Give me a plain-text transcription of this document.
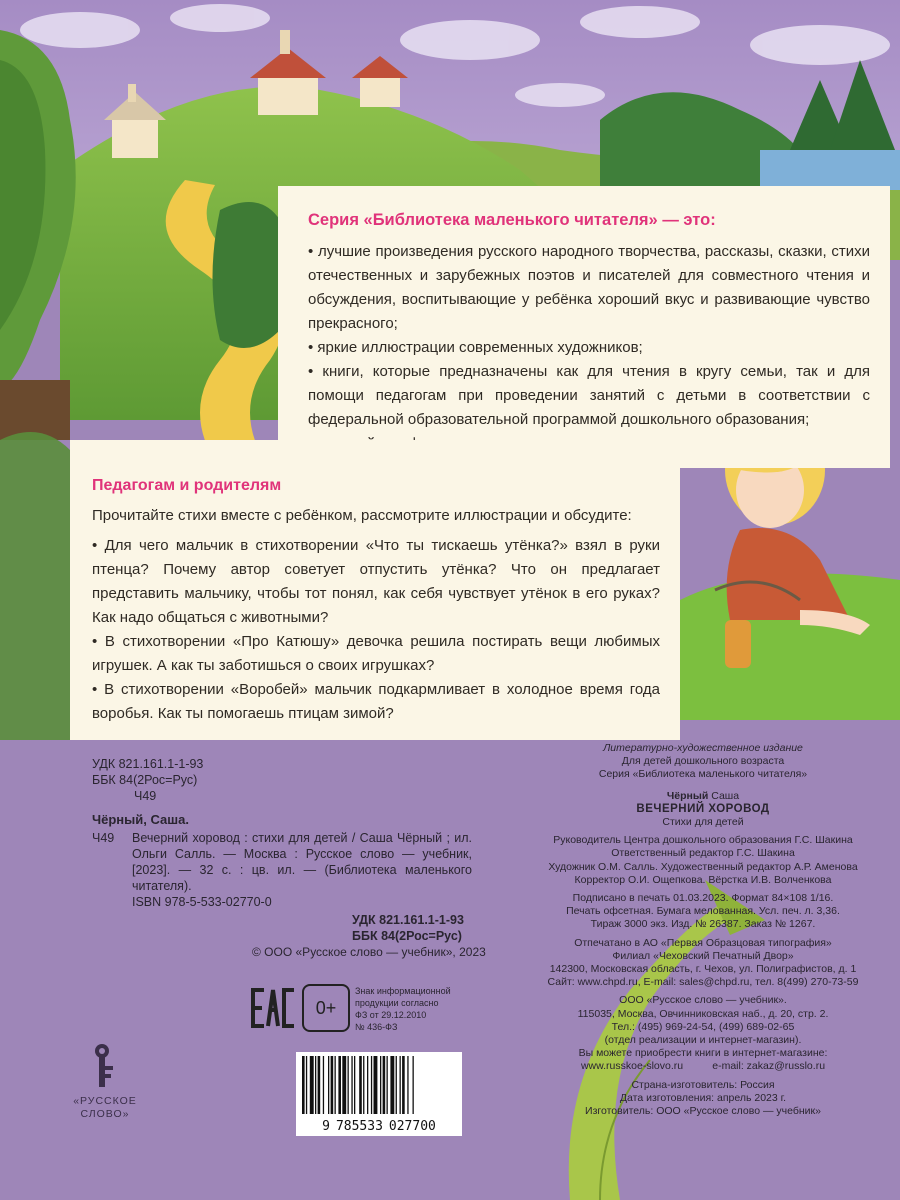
Серия «Библиотека маленького читателя» — это:

• лучшие произведения русского народного творчества, рассказы, сказки, стихи отечественных и зарубежных поэтов и писателей для совместного чтения и обсуждения, воспитывающие у ребёнка хороший вкус и развивающие чувство прекрасного;

• яркие иллюстрации современных художников;

• книги, которые предназначены как для чтения в кругу семьи, так и для помощи педагогам при проведении занятий с детьми в соответствии с федеральной образовательной программой дошкольного образования;

Педагогам и родителям

Прочитайте стихи вместе с ребёнком, рассмотрите иллюстрации и обсудите:

• Для чего мальчик в стихотворении «Что ты тискаешь утёнка?» взял в руки птенца? Почему автор советует отпустить утёнка? Что он предлагает представить мальчику, чтобы тот понял, как себя чувствует утёнок в его руках? Как надо общаться с животными?

• В стихотворении «Про Катюшу» девочка решила постирать вещи любимых игрушек. А как ты заботишься о своих игрушках?

• В стихотворении «Воробей» мальчик подкармливает в холодное время года воробья. Как ты помогаешь птицам зимой?

УДК 821.161.1-1-93
ББК 84(2Рос=Рус)
Ч49
Чёрный, Саша.
Ч49	Вечерний хоровод : стихи для детей / Саша Чёрный ; ил. Ольги Салль. — Москва : Русское слово — учебник, [2023]. — 32 с. : цв. ил. — (Библиотека маленького читателя).
ISBN 978-5-533-02770-0
УДК 821.161.1-1-93
ББК 84(2Рос=Рус)
© ООО «Русское слово — учебник», 2023
0+
Знак информационной
продукции согласно
ФЗ от 29.12.2010
№ 436-ФЗ
9 785533 027700
«РУССКОЕ
СЛОВО»
Литературно-художественное издание
Для детей дошкольного возраста
Серия «Библиотека маленького читателя»
Чёрный Саша
ВЕЧЕРНИЙ ХОРОВОД
Стихи для детей
Руководитель Центра дошкольного образования Г.С. Шакина
Ответственный редактор Г.С. Шакина
Художник О.М. Салль. Художественный редактор А.Р. Аменова
Корректор О.И. Ощепкова. Вёрстка И.В. Волченкова
Подписано в печать 01.03.2023. Формат 84×108 1/16.
Печать офсетная. Бумага мелованная. Усл. печ. л. 3,36.
Тираж 3000 экз. Изд. № 26387. Заказ № 1267.
Отпечатано в АО «Первая Образцовая типография»
Филиал «Чеховский Печатный Двор»
142300, Московская область, г. Чехов, ул. Полиграфистов, д. 1
Сайт: www.chpd.ru, E-mail: sales@chpd.ru, тел. 8(499) 270-73-59
ООО «Русское слово — учебник».
115035, Москва, Овчинниковская наб., д. 20, стр. 2.
Тел.: (495) 969-24-54, (499) 689-02-65
(отдел реализации и интернет-магазин).
Вы можете приобрести книги в интернет-магазине:
www.russkoe-slovo.ru          e-mail: zakaz@russlo.ru
Страна-изготовитель: Россия
Дата изготовления: апрель 2023 г.
Изготовитель: ООО «Русское слово — учебник»
